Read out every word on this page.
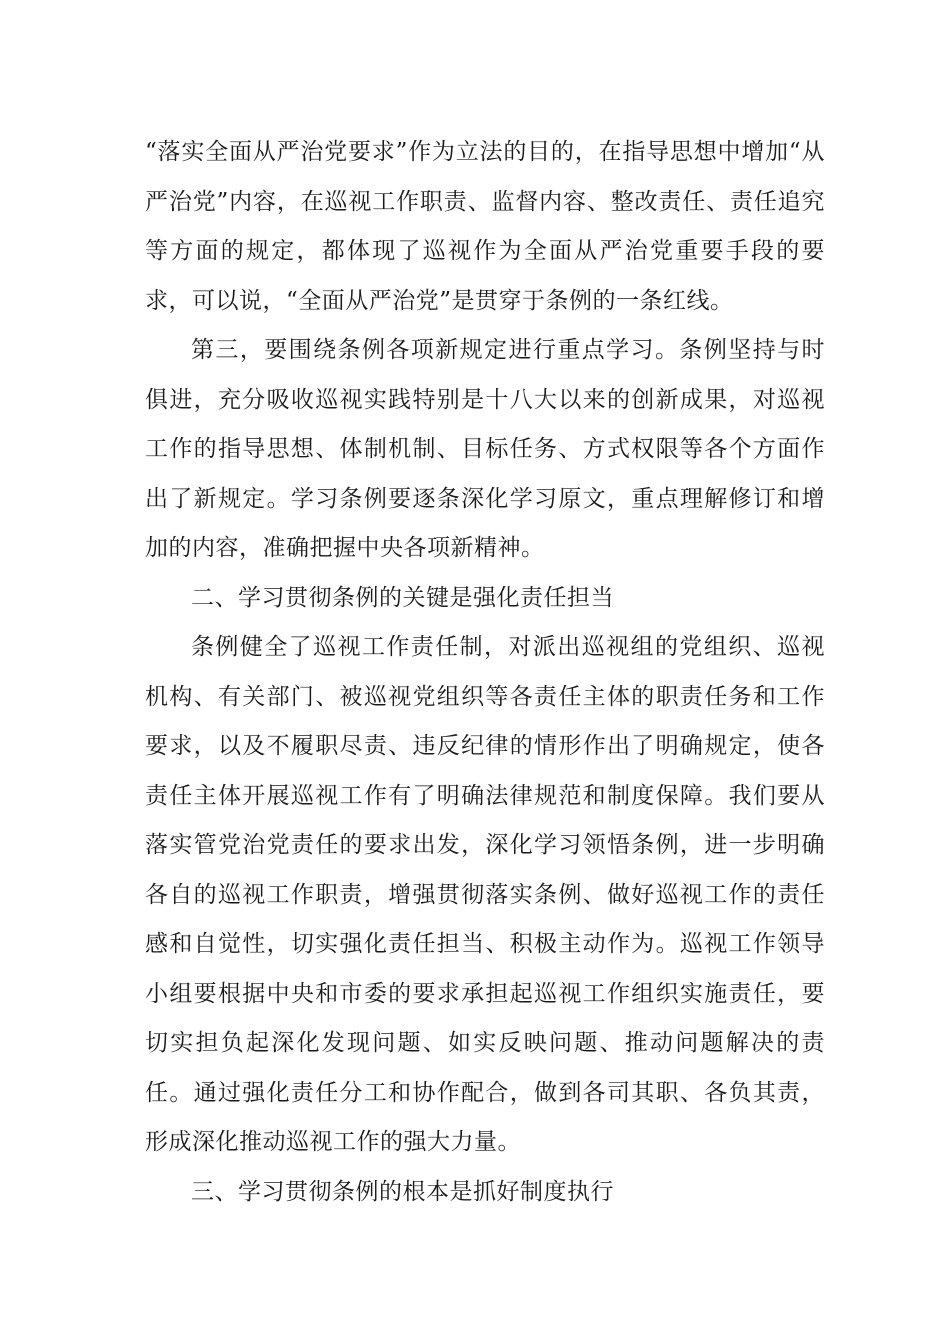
“落实全面从严治党要求”作为立法的目的，在指导思想中增加“从严治党”内容，在巡视工作职责、监督内容、整改责任、责任追究等方面的规定，都体现了巡视作为全面从严治党重要手段的要求，可以说，“全面从严治党”是贯穿于条例的一条红线。

第三，要围绕条例各项新规定进行重点学习。条例坚持与时俱进，充分吸收巡视实践特别是十八大以来的创新成果，对巡视工作的指导思想、体制机制、目标任务、方式权限等各个方面作出了新规定。学习条例要逐条深化学习原文，重点理解修订和增加的内容，准确把握中央各项新精神。

二、学习贯彻条例的关键是强化责任担当

条例健全了巡视工作责任制，对派出巡视组的党组织、巡视机构、有关部门、被巡视党组织等各责任主体的职责任务和工作要求，以及不履职尽责、违反纪律的情形作出了明确规定，使各责任主体开展巡视工作有了明确法律规范和制度保障。我们要从落实管党治党责任的要求出发，深化学习领悟条例，进一步明确各自的巡视工作职责，增强贯彻落实条例、做好巡视工作的责任感和自觉性，切实强化责任担当、积极主动作为。巡视工作领导小组要根据中央和市委的要求承担起巡视工作组织实施责任，要切实担负起深化发现问题、如实反映问题、推动问题解决的责任。通过强化责任分工和协作配合，做到各司其职、各负其责，形成深化推动巡视工作的强大力量。

三、学习贯彻条例的根本是抓好制度执行
